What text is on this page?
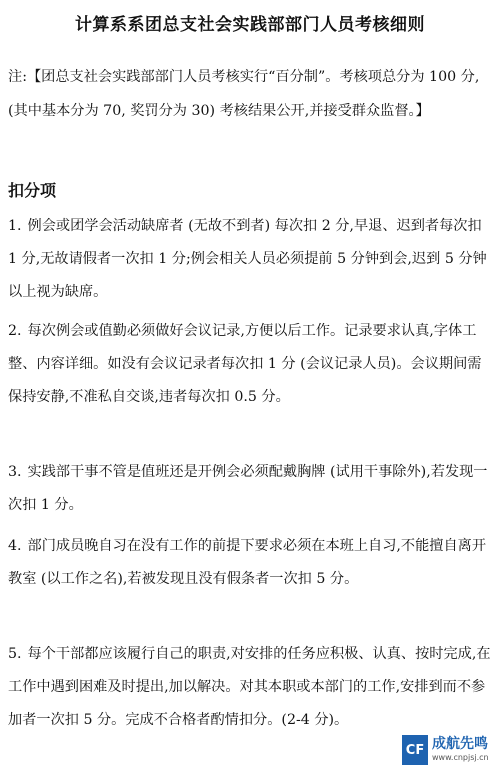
计算系系团总支社会实践部部门人员考核细则
注:【团总支社会实践部部门人员考核实行“百分制”。考核项总分为 100 分,(其中基本分为 70, 奖罚分为 30) 考核结果公开,并接受群众监督。】
扣分项
1. 例会或团学会活动缺席者 (无故不到者) 每次扣 2 分,早退、迟到者每次扣 1 分,无故请假者一次扣 1 分;例会相关人员必须提前 5 分钟到会,迟到 5 分钟以上视为缺席。
2. 每次例会或值勤必须做好会议记录,方便以后工作。记录要求认真,字体工整、内容详细。如没有会议记录者每次扣 1 分 (会议记录人员)。会议期间需保持安静,不准私自交谈,违者每次扣 0.5 分。
3. 实践部干事不管是值班还是开例会必须配戴胸牌 (试用干事除外),若发现一次扣 1 分。
4. 部门成员晚自习在没有工作的前提下要求必须在本班上自习,不能擅自离开教室 (以工作之名),若被发现且没有假条者一次扣 5 分。
5. 每个干部都应该履行自己的职责,对安排的任务应积极、认真、按时完成,在工作中遇到困难及时提出,加以解决。对其本职或本部门的工作,安排到而不参加者一次扣 5 分。完成不合格者酌情扣分。(2-4 分)。
CF 成航先鸣
www.cnpjsj.cn
